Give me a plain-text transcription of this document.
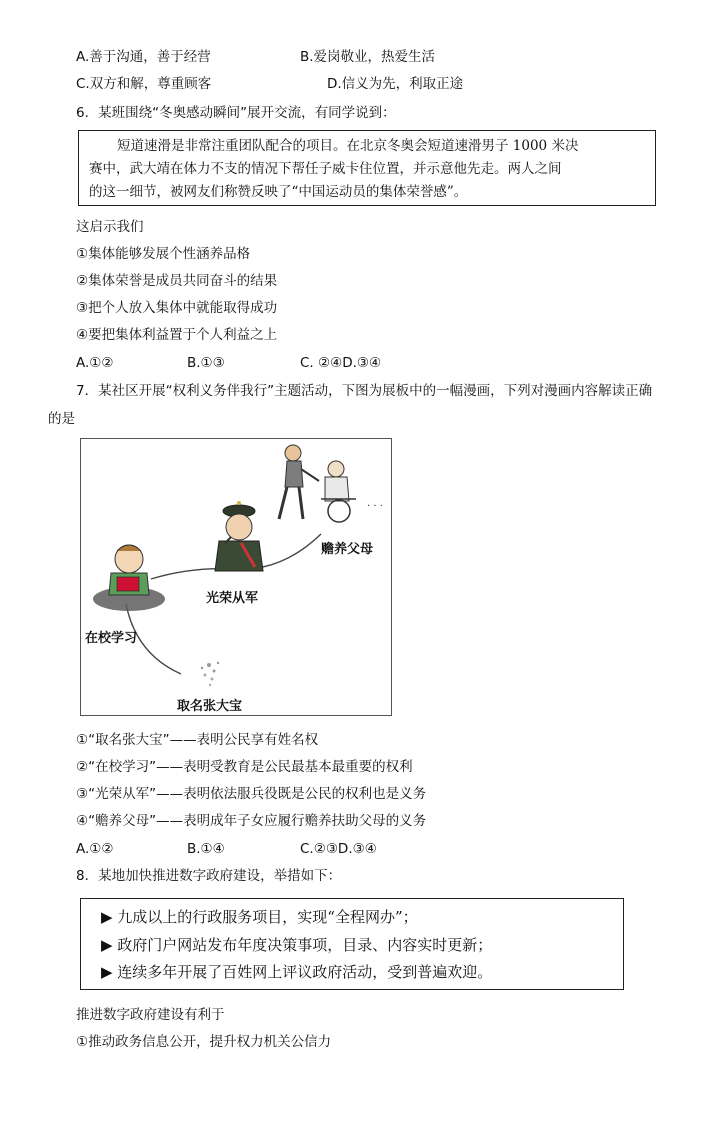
A.善于沟通，善于经营	B.爱岗敬业，热爱生活
C.双方和解，尊重顾客	D.信义为先，利取正途
6．某班围绕“冬奥感动瞬间”展开交流，有同学说到：
短道速滑是非常注重团队配合的项目。在北京冬奥会短道速滑男子 1000 米决
赛中，武大靖在体力不支的情况下帮任子威卡住位置，并示意他先走。两人之间
的这一细节，被网友们称赞反映了“中国运动员的集体荣誉感”。
这启示我们
①集体能够发展个性涵养品格
②集体荣誉是成员共同奋斗的结果
③把个人放入集体中就能取得成功
④要把集体利益置于个人利益之上
A.①②	B.①③	C. ②④D.③④
7．某社区开展“权利义务伴我行”主题活动，下图为展板中的一幅漫画，下列对漫画内容解读正确
的是
· · ·
赡养父母
光荣从军
在校学习
取名张大宝
①“取名张大宝”——表明公民享有姓名权
②“在校学习”——表明受教育是公民最基本最重要的权利
③“光荣从军”——表明依法服兵役既是公民的权利也是义务
④“赡养父母”——表明成年子女应履行赡养扶助父母的义务
A.①②	B.①④	C.②③D.③④
8．某地加快推进数字政府建设，举措如下：
▶ 九成以上的行政服务项目，实现“全程网办”；
▶ 政府门户网站发布年度决策事项，目录、内容实时更新；
▶ 连续多年开展了百姓网上评议政府活动，受到普遍欢迎。
推进数字政府建设有利于
①推动政务信息公开，提升权力机关公信力
